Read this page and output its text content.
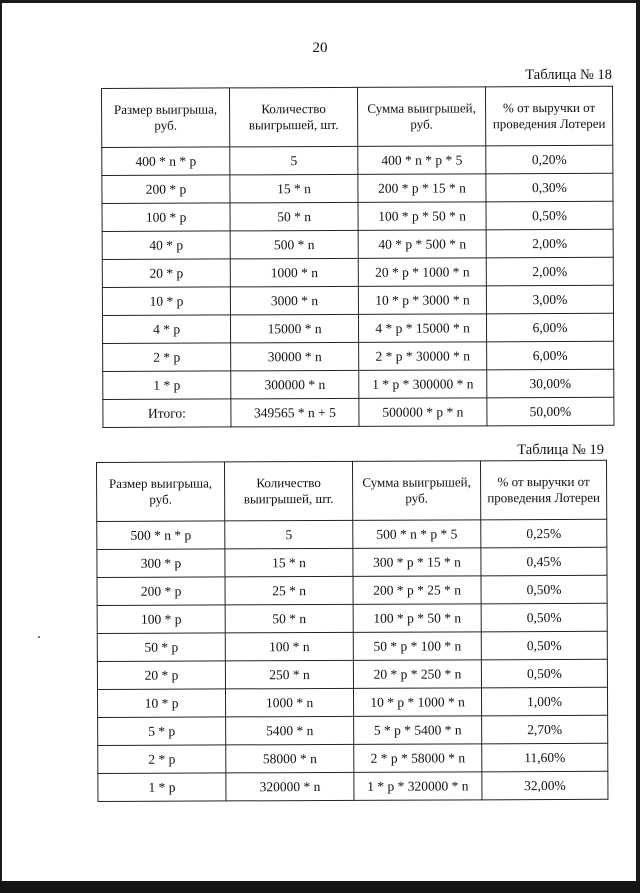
20
Таблица № 18
Размер выигрыша, руб.	Количество выигрышей, шт.	Сумма выигрышей, руб.	% от выручки от проведения Лотереи
400 * n * p	5	400 * n * p * 5	0,20%
200 * p	15 * n	200 * p * 15 * n	0,30%
100 * p	50 * n	100 * p * 50 * n	0,50%
40 * p	500 * n	40 * p * 500 * n	2,00%
20 * p	1000 * n	20 * p * 1000 * n	2,00%
10 * p	3000 * n	10 * p * 3000 * n	3,00%
4 * p	15000 * n	4 * p * 15000 * n	6,00%
2 * p	30000 * n	2 * p * 30000 * n	6,00%
1 * p	300000 * n	1 * p * 300000 * n	30,00%
Итого:	349565 * n + 5	500000 * p * n	50,00%
Таблица № 19
Размер выигрыша, руб.	Количество выигрышей, шт.	Сумма выигрышей, руб.	% от выручки от проведения Лотереи
500 * n * p	5	500 * n * p * 5	0,25%
300 * p	15 * n	300 * p * 15 * n	0,45%
200 * p	25 * n	200 * p * 25 * n	0,50%
100 * p	50 * n	100 * p * 50 * n	0,50%
50 * p	100 * n	50 * p * 100 * n	0,50%
20 * p	250 * n	20 * p * 250 * n	0,50%
10 * p	1000 * n	10 * p * 1000 * n	1,00%
5 * p	5400 * n	5 * p * 5400 * n	2,70%
2 * p	58000 * n	2 * p * 58000 * n	11,60%
1 * p	320000 * n	1 * p * 320000 * n	32,00%
